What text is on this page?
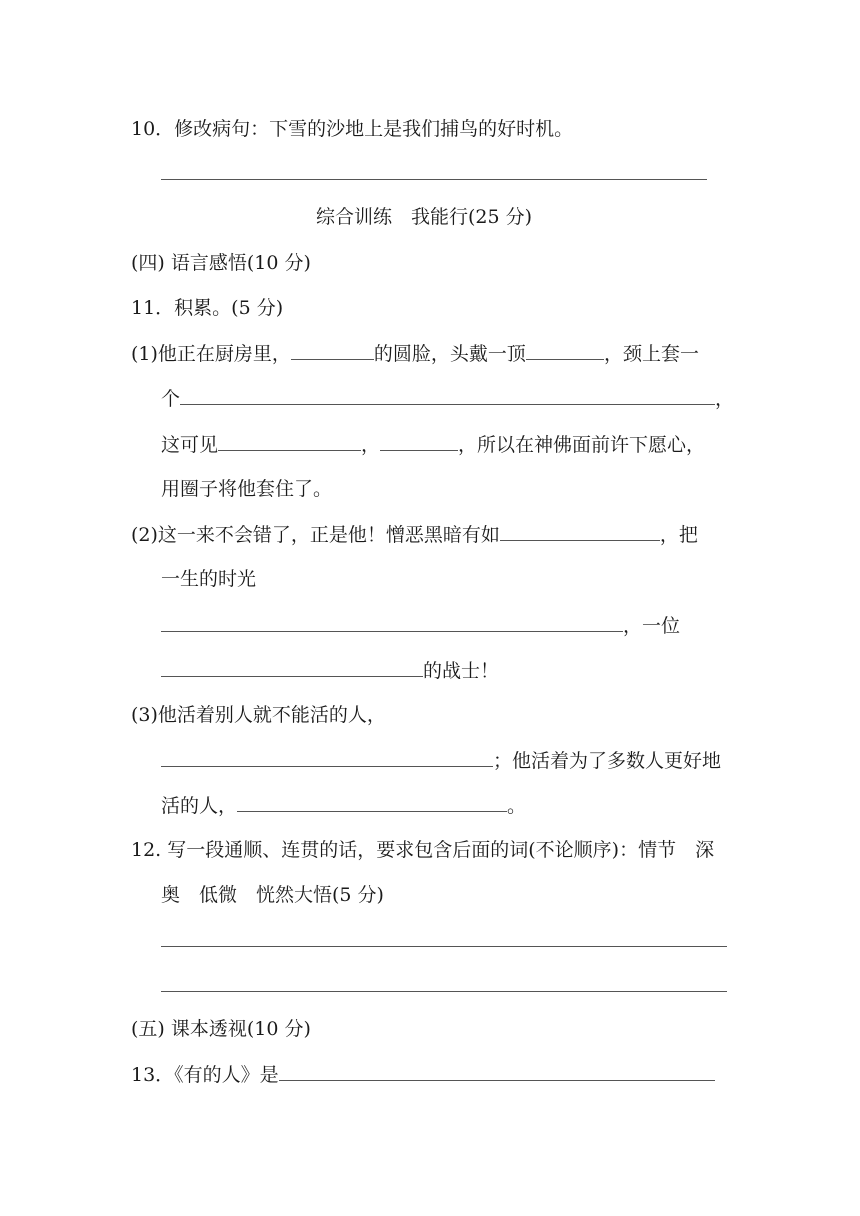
10．修改病句：下雪的沙地上是我们捕鸟的好时机。
综合训练　我能行(25 分)
(四) 语言感悟(10 分)
11．积累。(5 分)
(1)他正在厨房里，	的圆脸，头戴一顶	，颈上套一
个	，
这可见	，	，所以在神佛面前许下愿心，
用圈子将他套住了。
(2)这一来不会错了，正是他！憎恶黑暗有如	，把
一生的时光
，一位
的战士！
(3)他活着别人就不能活的人，
；他活着为了多数人更好地
活的人，	。
12. 写一段通顺、连贯的话，要求包含后面的词(不论顺序)：情节　深
奥　低微　恍然大悟(5 分)
(五) 课本透视(10 分)
13．《有的人》是
